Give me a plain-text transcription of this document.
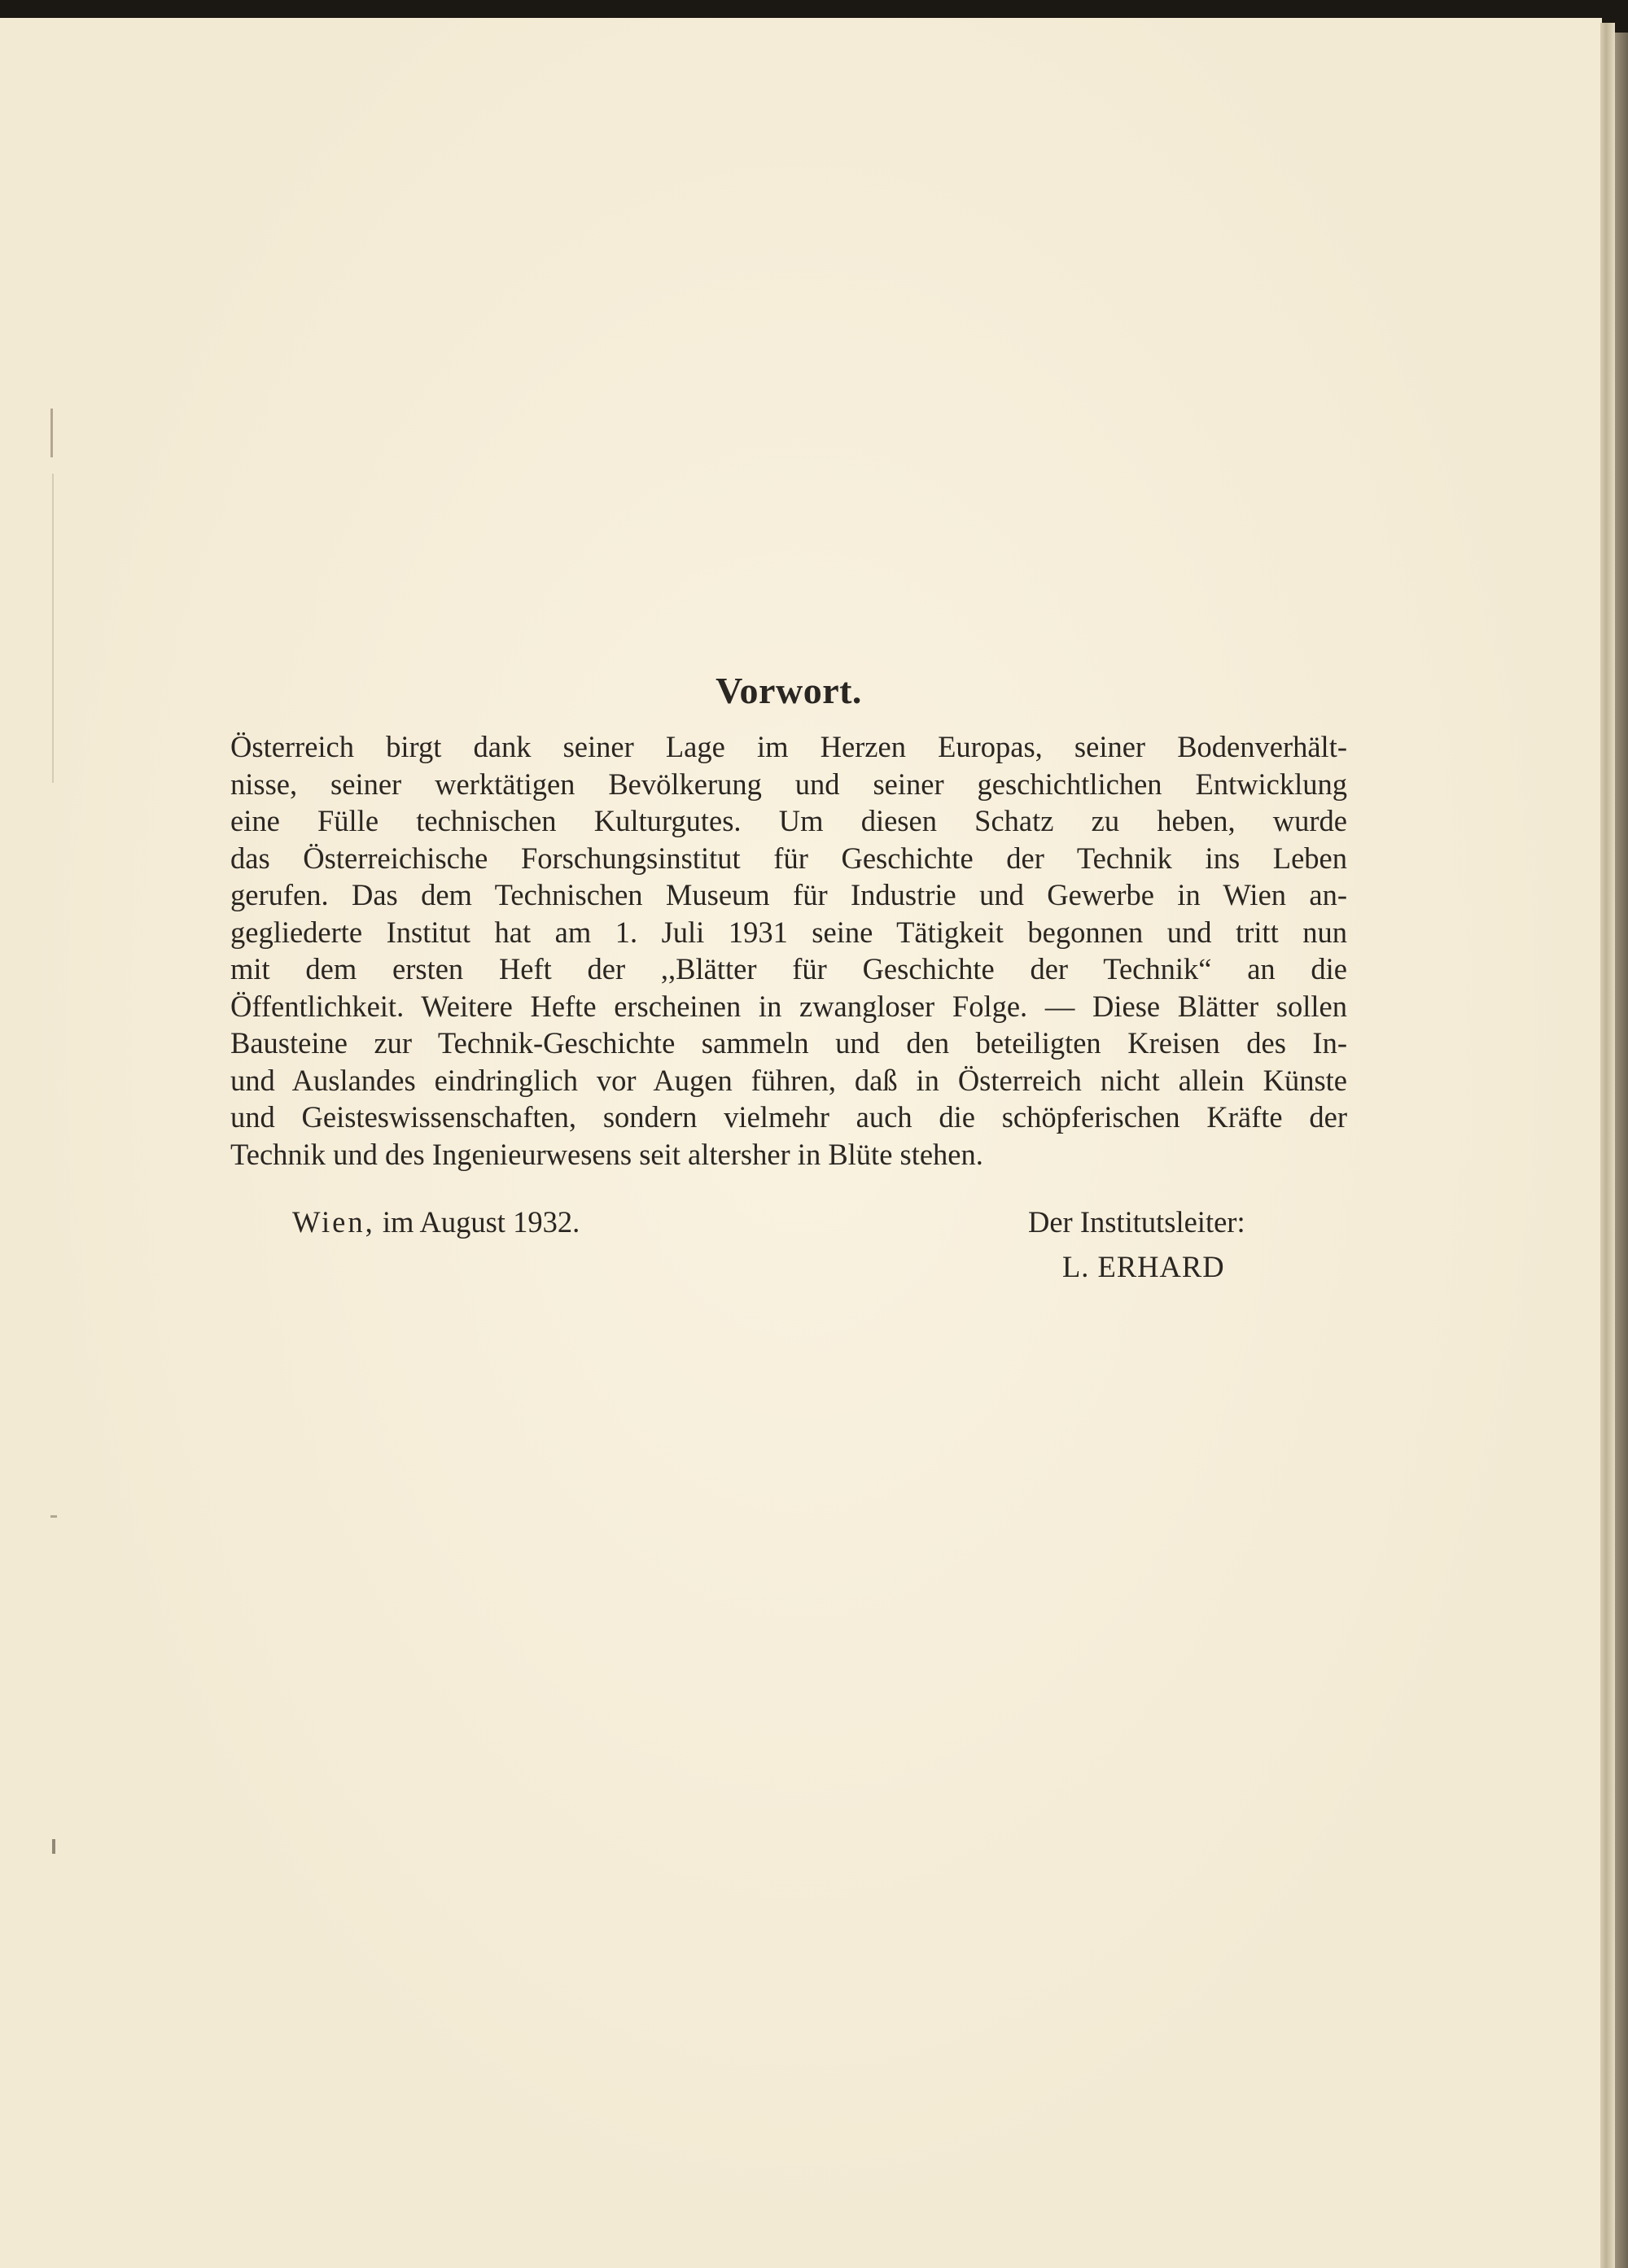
Vorwort.

Österreich birgt dank seiner Lage im Herzen Europas, seiner Bodenverhält-
nisse, seiner werktätigen Bevölkerung und seiner geschichtlichen Entwicklung
eine Fülle technischen Kulturgutes. Um diesen Schatz zu heben, wurde
das Österreichische Forschungsinstitut für Geschichte der Technik ins Leben
gerufen. Das dem Technischen Museum für Industrie und Gewerbe in Wien an-
gegliederte Institut hat am 1. Juli 1931 seine Tätigkeit begonnen und tritt nun
mit dem ersten Heft der ,,Blätter für Geschichte der Technik“ an die
Öffentlichkeit. Weitere Hefte erscheinen in zwangloser Folge. — Diese Blätter sollen
Bausteine zur Technik-Geschichte sammeln und den beteiligten Kreisen des In-
und Auslandes eindringlich vor Augen führen, daß in Österreich nicht allein Künste
und Geisteswissenschaften, sondern vielmehr auch die schöpferischen Kräfte der
Technik und des Ingenieurwesens seit altersher in Blüte stehen.

Wien, im August 1932.	Der Institutsleiter:
L. ERHARD
